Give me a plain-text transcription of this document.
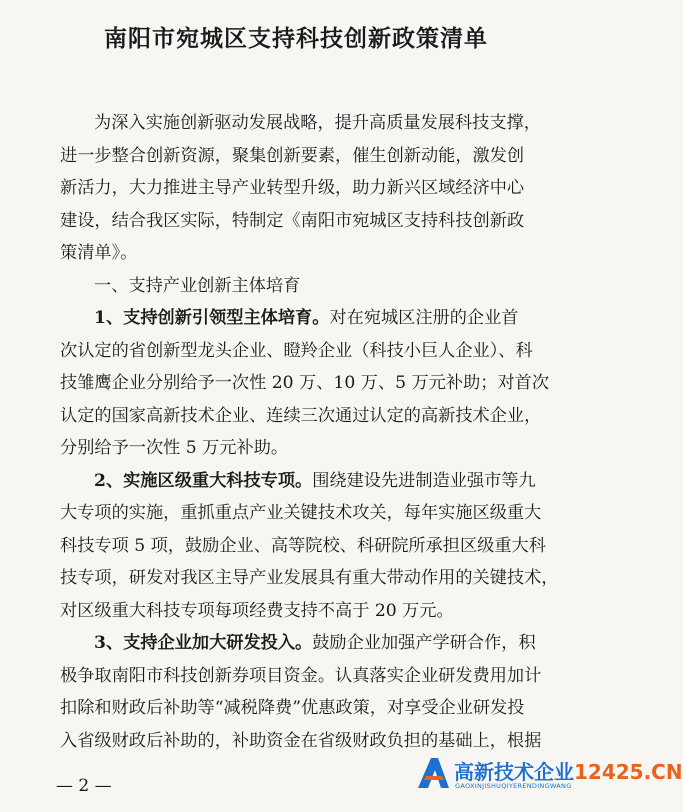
南阳市宛城区支持科技创新政策清单
为深入实施创新驱动发展战略，提升高质量发展科技支撑，
进一步整合创新资源，聚集创新要素，催生创新动能，激发创
新活力，大力推进主导产业转型升级，助力新兴区域经济中心
建设，结合我区实际，特制定《南阳市宛城区支持科技创新政
策清单》。
一、支持产业创新主体培育
1、支持创新引领型主体培育。对在宛城区注册的企业首
次认定的省创新型龙头企业、瞪羚企业（科技小巨人企业）、科
技雏鹰企业分别给予一次性 20 万、10 万、5 万元补助；对首次
认定的国家高新技术企业、连续三次通过认定的高新技术企业，
分别给予一次性 5 万元补助。
2、实施区级重大科技专项。围绕建设先进制造业强市等九
大专项的实施，重抓重点产业关键技术攻关，每年实施区级重大
科技专项 5 项，鼓励企业、高等院校、科研院所承担区级重大科
技专项，研发对我区主导产业发展具有重大带动作用的关键技术，
对区级重大科技专项每项经费支持不高于 20 万元。
3、支持企业加大研发投入。鼓励企业加强产学研合作，积
极争取南阳市科技创新券项目资金。认真落实企业研发费用加计
扣除和财政后补助等“减税降费”优惠政策，对享受企业研发投
入省级财政后补助的，补助资金在省级财政负担的基础上，根据
— 2 —
高新技术企业12425.CN
GAOXINJISHUQIYERENDINGWANG
